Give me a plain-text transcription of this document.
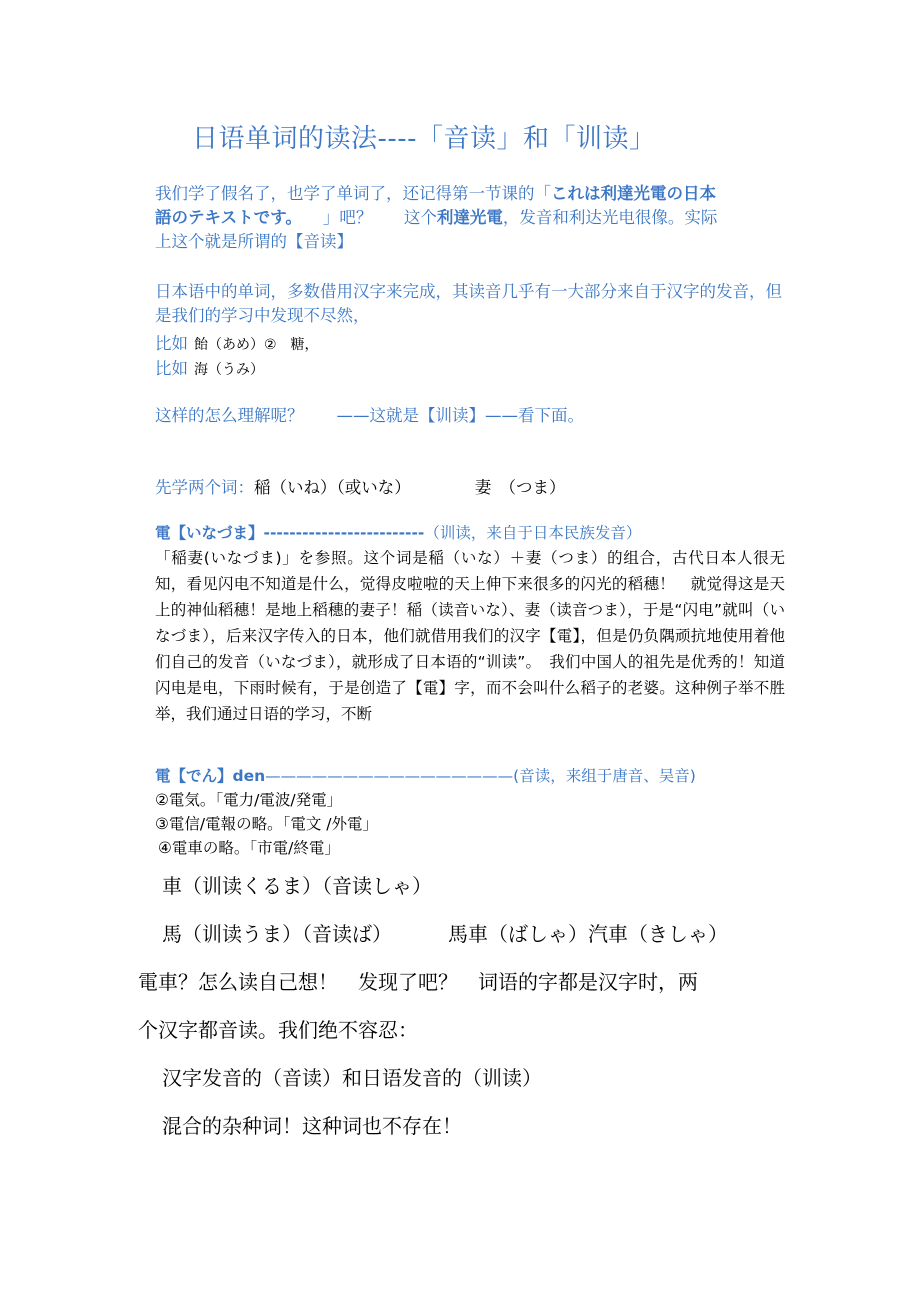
日语单词的读法----「音读」和「训读」
我们学了假名了，也学了单词了，还记得第一节课的「これは利達光電の日本
語のテキストです。 」吧？ 这个利達光電，发音和利达光电很像。实际
上这个就是所谓的【音读】
日本语中的单词，多数借用汉字来完成，其读音几乎有一大部分来自于汉字的发音，但是我们的学习中发现不尽然，
比如 飴（あめ）②　糖，
比如 海（うみ）
这样的怎么理解呢？　　——这就是【训读】——看下面。
先学两个词：稲（いね）（或いな）	妻　（つま）
電【いなづま】-------------------------（训读，来自于日本民族发音）
「稲妻(いなづま)」を参照。这个词是稲（いな）＋妻（つま）的组合，古代日本人很无知，看见闪电不知道是什么，觉得皮啦啦的天上伸下来很多的闪光的稻穗！　就觉得这是天上的神仙稻穗！是地上稻穗的妻子！稲（读音いな）、妻（读音つま），于是“闪电”就叫（いなづま），后来汉字传入的日本，他们就借用我们的汉字【電】，但是仍负隅顽抗地使用着他们自己的发音（いなづま），就形成了日本语的“训读”。　我们中国人的祖先是优秀的！知道闪电是电，下雨时候有，于是创造了【電】字，而不会叫什么稻子的老婆。这种例子举不胜举，我们通过日语的学习，不断
電【でん】den————————————————(音读，来组于唐音、吴音)
②電気。「電力/電波/発電」
③電信/電報の略。「電文 /外電」
④電車の略。「市電/終電」
車（训读くるま）（音读しゃ）
馬（训读うま）（音读ば）	馬車（ばしゃ）汽車（きしゃ）
電車？怎么读自己想！　发现了吧？　词语的字都是汉字时，两
个汉字都音读。我们绝不容忍：
汉字发音的（音读）和日语发音的（训读）
混合的杂种词！这种词也不存在！
